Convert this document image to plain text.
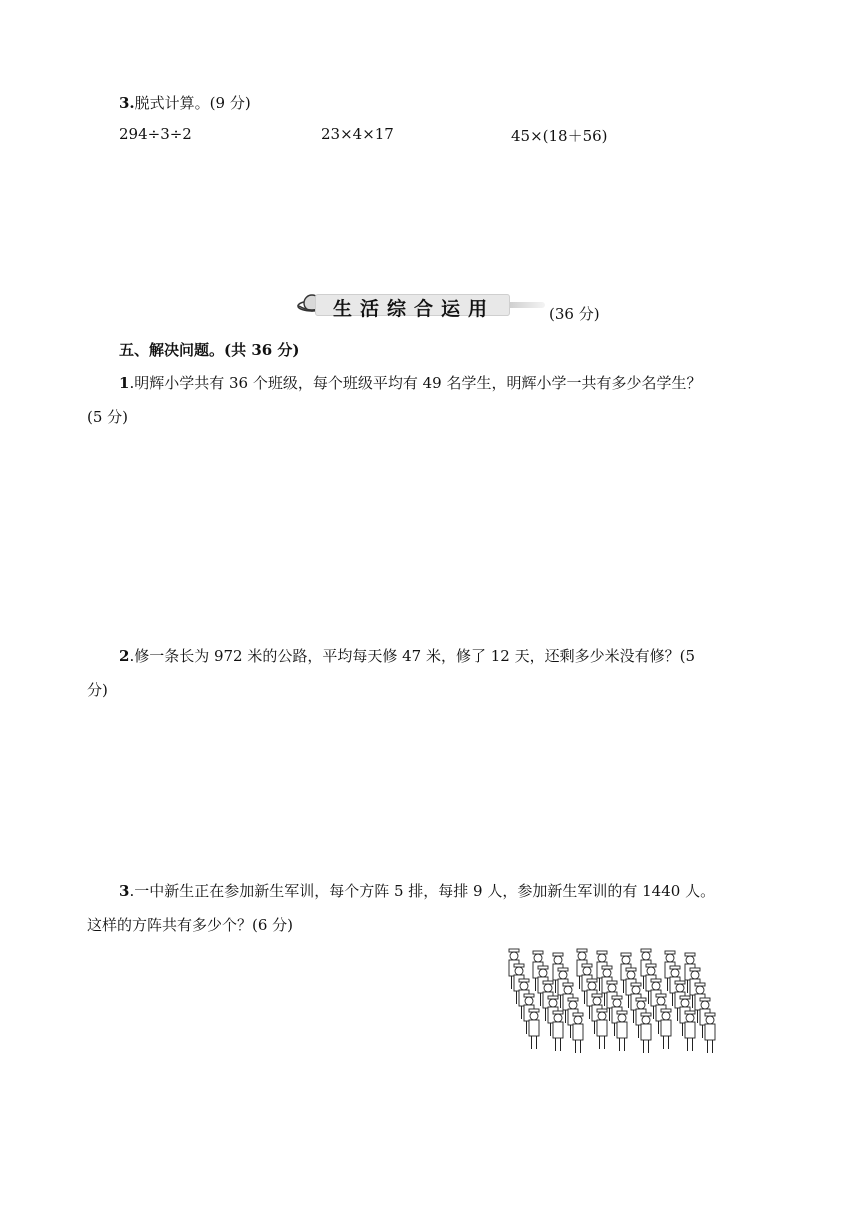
3.脱式计算。(9 分)
294÷3÷2	23×4×17	45×(18＋56)
生活综合运用	(36 分)
五、解决问题。(共 36 分)
1.明辉小学共有 36 个班级，每个班级平均有 49 名学生，明辉小学一共有多少名学生？
(5 分)
2.修一条长为 972 米的公路，平均每天修 47 米，修了 12 天，还剩多少米没有修？(5
分)
3.一中新生正在参加新生军训，每个方阵 5 排，每排 9 人，参加新生军训的有 1440 人。
这样的方阵共有多少个？(6 分)
